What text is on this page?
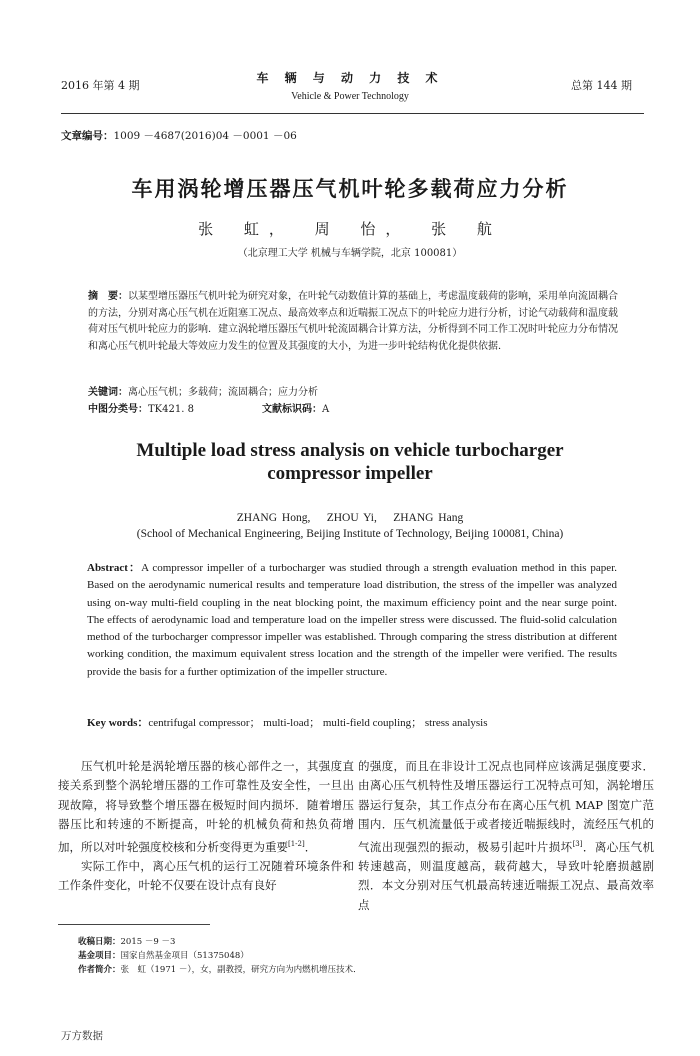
2016 年第 4 期
车 辆 与 动 力 技 术
Vehicle & Power Technology
总第 144 期
文章编号：1009 －4687(2016)04 －0001 －06
车用涡轮增压器压气机叶轮多载荷应力分析
张 虹， 周 怡， 张 航
（北京理工大学 机械与车辆学院，北京 100081）
摘　要：以某型增压器压气机叶轮为研究对象，在叶轮气动数值计算的基础上，考虑温度载荷的影响，采用单向流固耦合的方法，分别对离心压气机在近阻塞工况点、最高效率点和近喘振工况点下的叶轮应力进行分析，讨论气动载荷和温度载荷对压气机叶轮应力的影响．建立涡轮增压器压气机叶轮流固耦合计算方法，分析得到不同工作工况时叶轮应力分布情况和离心压气机叶轮最大等效应力发生的位置及其强度的大小，为进一步叶轮结构优化提供依据．
关键词：离心压气机；多载荷；流固耦合；应力分析
中图分类号：TK421. 8	文献标识码：A
Multiple load stress analysis on vehicle turbocharger compressor impeller
ZHANG Hong,　 ZHOU Yi,　 ZHANG Hang
(School of Mechanical Engineering, Beijing Institute of Technology, Beijing 100081, China)
Abstract：A compressor impeller of a turbocharger was studied through a strength evaluation method in this paper. Based on the aerodynamic numerical results and temperature load distribution, the stress of the impeller was analyzed using on-way multi-field coupling in the neat blocking point, the maximum efficiency point and the near surge point. The effects of aerodynamic load and temperature load on the impeller stress were discussed. The fluid-solid calculation method of the turbocharger compressor impeller was established. Through comparing the stress distribution at different working condition, the maximum equivalent stress location and the strength of the impeller were verified. The results provide the basis for a further optimization of the impeller structure.
Key words：centrifugal compressor； multi-load； multi-field coupling； stress analysis
压气机叶轮是涡轮增压器的核心部件之一，其强度直接关系到整个涡轮增压器的工作可靠性及安全性，一旦出现故障，将导致整个增压器在极短时间内损坏．随着增压器压比和转速的不断提高，叶轮的机械负荷和热负荷增加，所以对叶轮强度校核和分析变得更为重要[1-2]．
实际工作中，离心压气机的运行工况随着环境条件和工作条件变化，叶轮不仅要在设计点有良好
的强度，而且在非设计工况点也同样应该满足强度要求．由离心压气机特性及增压器运行工况特点可知，涡轮增压器运行复杂，其工作点分布在离心压气机 MAP 图宽广范围内．压气机流量低于或者接近喘振线时，流经压气机的气流出现强烈的振动，极易引起叶片损坏[3]．离心压气机转速越高，则温度越高，载荷越大，导致叶轮磨损越剧烈．本文分别对压气机最高转速近喘振工况点、最高效率点
收稿日期：2015 －9 －3
基金项目：国家自然基金项目（51375048）
作者简介：张　虹（1971 －），女，副教授，研究方向为内燃机增压技术．
万方数据
